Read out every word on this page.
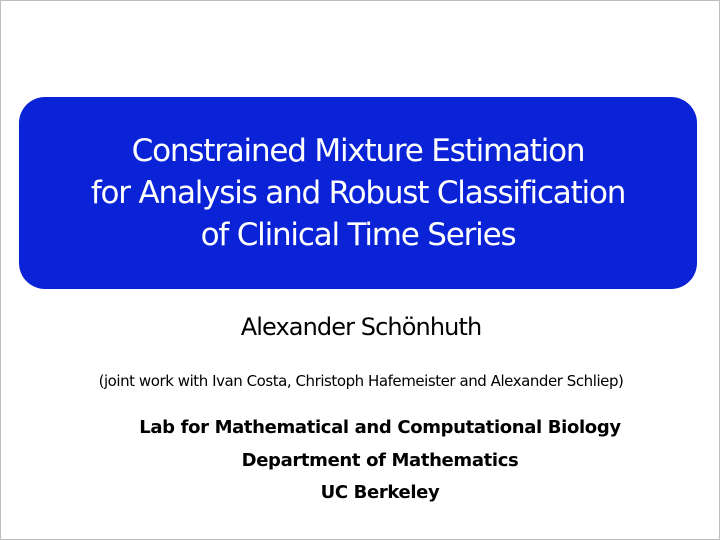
Constrained Mixture Estimation
for Analysis and Robust Classification
of Clinical Time Series
Alexander Schönhuth
(joint work with Ivan Costa, Christoph Hafemeister and Alexander Schliep)
Lab for Mathematical and Computational Biology
Department of Mathematics
UC Berkeley
